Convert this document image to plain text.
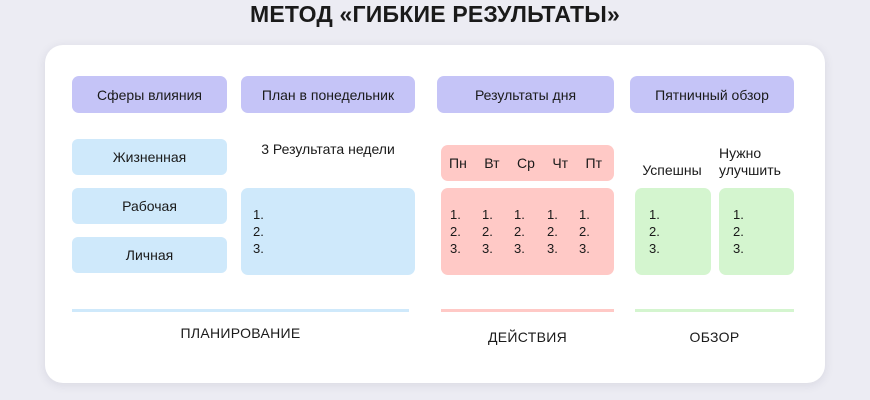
МЕТОД «ГИБКИЕ РЕЗУЛЬТАТЫ»
Сферы влияния	План в понедельник	Результаты дня	Пятничный обзор
Жизненная
Рабочая
Личная
3 Результата недели
1.
2.
3.
Пн Вт Ср Чт Пт
1.
2.
3.
1.
2.
3.
1.
2.
3.
1.
2.
3.
1.
2.
3.
Успешны
Нужно улучшить
1.
2.
3.
1.
2.
3.
ПЛАНИРОВАНИЕ	ДЕЙСТВИЯ	ОБЗОР
